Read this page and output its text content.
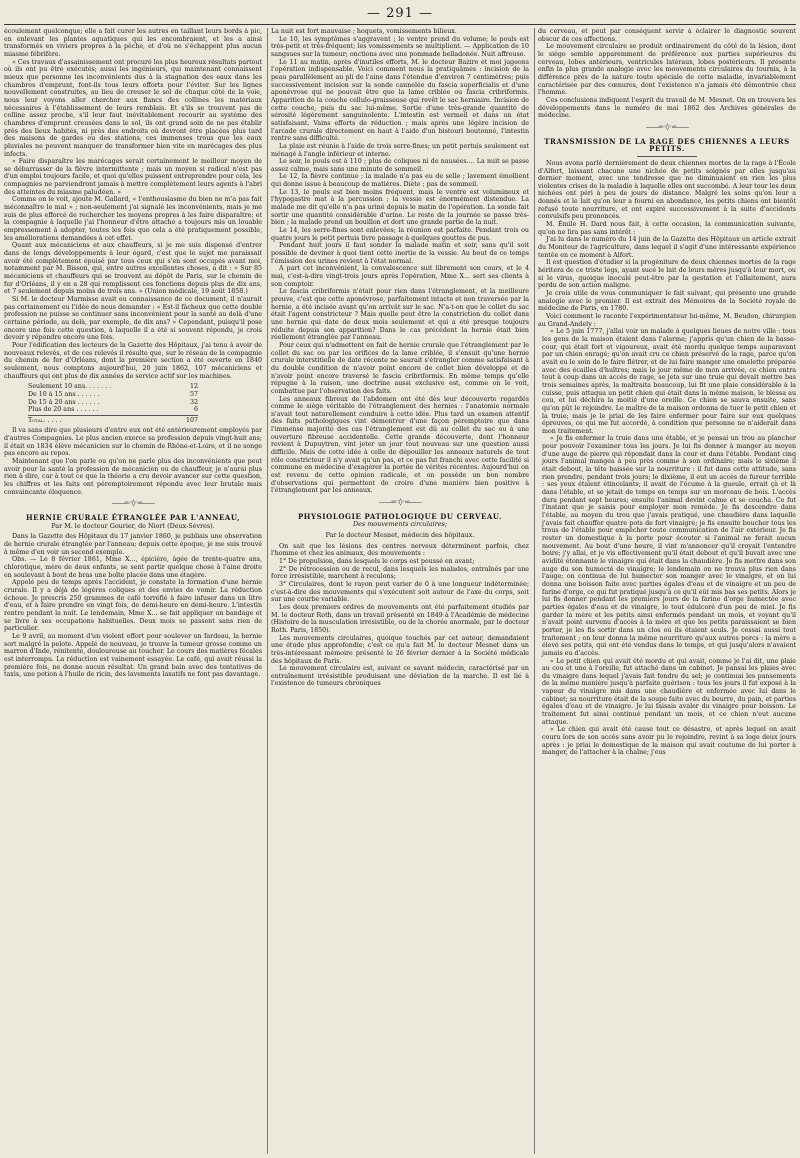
— 291 —

écoulement quelconque; elle a fait curer les autres en taillant leurs bords à pic, en enlevant les plantes aquatiques qui les encombraient, et les a ainsi transformés en viviers propres à la pêche, et d'où ne s'échappent plus aucun miasme fébrifère.

« Ces travaux d'assainissement ont procuré les plus heureux résultats partout où ils ont pu être exécutés; aussi les ingénieurs, qui maintenant connaissent mieux que personne les inconvénients dus à la stagnation des eaux dans les chambres d'emprunt, font-ils tous leurs efforts pour l'éviter. Sur les lignes nouvellement construites, au lieu de creuser le sol de chaque côté de la voie, nous leur voyons aller chercher aux flancs des collines les matériaux nécessaires à l'établissement de leurs remblais. Et s'ils se trouvent pas de colline assez proche, s'il leur faut inévitablement recourir au système des chambres d'emprunt creusées dans le sol, ils ont grand soin de ne pas établir près des lieux habités, ni près des endroits où devront être placées plus tard des maisons de gardes ou des stations, ces immenses trous que les eaux pluviales ne peuvent manquer de transformer bien vite en marécages des plus infects.

« Faire disparaître les marécages serait certainement le meilleur moyen de se débarrasser de la fièvre intermittente ; mais un moyen si radical n'est pas d'un emploi toujours facile, et quoi qu'elles puissent entreprendre pour cela, les compagnies ne parviendront jamais à mettre complètement leurs agents à l'abri des atteintes du miasme paludéen. »

Comme on le voit, ajoute M. Gallard, « l'enthousiasme du bien ne m'a pas fait méconnaître le mal » ; non-seulement j'ai signalé les inconvénients, mais je me suis de plus efforcé de rechercher les moyens propres à les faire disparaître; et la compagnie à laquelle j'ai l'honneur d'être attaché a toujours mis un louable empressement à adopter, toutes les fois que cela a été pratiquement possible, les améliorations demandées à cet effet.

Quant aux mécaniciens et aux chauffeurs, si je me suis dispensé d'entrer dans de longs développements à leur égard, c'est que le sujet me paraissait avoir été complètement épuisé par tous ceux qui s'en sont occupés avant moi, notamment par M. Bisson, qui, entre autres excellentes choses, a dit : « Sur 85 mécaniciens et chauffeurs qui se trouvent au dépôt de Paris, sur le chemin de fer d'Orléans, il y en a 28 qui remplissent ces fonctions depuis plus de dix ans, et 7 seulement depuis moins de trois ans. » (Union médicale, 19 août 1858.)

Si M. le docteur Marmisse avait eu connaissance de ce document, il n'aurait pas certainement eu l'idée de nous demander : « Est-il fâcheux que cette double profession ne puisse se continuer sans inconvénient pour la santé au delà d'une certaine période, au delà, par exemple, de dix ans? » Cependant, puisqu'il pose encore une fois cette question, à laquelle il a été si souvent répondu, je crois devoir y répondre encore une fois.

Pour l'édification des lecteurs de la Gazette des Hôpitaux, j'ai tenu à avoir de nouveaux relevés, et de ces relevés il résulte que, sur le réseau de la compagnie du chemin de fer d'Orléans, dont la première section a été ouverte en 1840 seulement, nous comptons aujourd'hui, 20 juin 1862, 107 mécaniciens et chauffeurs qui ont plus de dix années de service actif sur les machines.

Seulement 10 ans. . . . . . .	12
De 10 à 15 ans . . . . . .	57
De 15 à 20 ans . . . . . .	32
Plus de 20 ans . . . . . .	6
Total. . . . .	107

Il va sans dire que plusieurs d'entre eux ont été antérieurement employés par d'autres Compagnies. Le plus ancien exerce sa profession depuis vingt-huit ans; il était en 1834 élève mécanicien sur le chemin de Rhône-et-Loire, et il ne songe pas encore au repos.

Maintenant que l'on parle ou qu'on ne parle plus des inconvénients que peut avoir pour la santé la profession de mécanicien ou de chauffeur, je n'aurai plus rien à dire, car à tout ce que la théorie a cru devoir avancer sur cette question, les chiffres et les faits ont péremptoirement répondu avec leur brutale mais convaincante éloquence.

——∞◦◊◦∞——
HERNIE CRURALE ÉTRANGLÉE PAR L'ANNEAU,
Par M. le docteur Gourier, de Niort (Deux-Sèvres).

Dans la Gazette des Hôpitaux du 17 janvier 1860, je publiais une observation de hernie crurale étranglée par l'anneau; depuis cette époque, je me suis trouvé à même d'en voir un second exemple.

Obs. — Le 8 février 1861, Mme X..., épicière, âgée de trente-quatre ans, chlorotique, mère de deux enfants, se sent partir quelque chose à l'aine droite en soulevant à bout de bras une boîte placée dans une étagère.

Appelé peu de temps après l'accident, je constate la formation d'une hernie crurale. Il y a déjà de légères coliques et des envies de vomir. La réduction échoue. Je prescris 250 grammes de café torréfié à faire infuser dans un litre d'eau, et à faire prendre en vingt fois, de demi-heure en demi-heure. L'intestin rentre pendant la nuit. Le lendemain, Mme X... se fait appliquer un bandage et se livre à ses occupations habituelles. Deux mois se passent sans rien de particulier.

Le 9 avril, au moment d'un violent effort pour soulever un fardeau, la hernie sort malgré la pelote. Appelé de nouveau, je trouve la tumeur grosse comme un marron d'Inde, rénitente, douloureuse au toucher. Le cours des matières fécales est interrompu. La réduction est vainement essayée. Le café, qui avait réussi la première fois, ne donne aucun résultat. Un grand bain avec des tentatives de taxis, une potion à l'huile de ricin, des lavements laxatifs ne font pas davantage.

La nuit est fort mauvaise ; hoquets, vomissements bilieux.

Le 10, les symptômes s'aggravent ; le ventre prend du volume; le pouls est très-petit et très-fréquent; les vomissements se multiplient. — Application de 10 sangsues sur la tumeur; onctions avec une pommade belladonée. Nuit affreuse.

Le 11 au matin, après d'inutiles efforts, M. le docteur Bazire et moi jugeons l'opération indispensable. Voici comment nous la pratiquâmes : incision de la peau parallèlement au pli de l'aine dans l'étendue d'environ 7 centimètres; puis successivement incision sur la sonde cannelée du fascia superficialis et d'une aponévrose qui ne pouvait être que la lame criblée ou fascia cribriformis. Apparition de la couche cellulo-graisseuse qui revêt le sac herniaire. Incision de cette couche, puis du sac lui-même. Sortie d'une très-grande quantité de sérosité légèrement sanguinolente. L'intestin est vermeil et dans un état satisfaisant. Vains efforts de réduction ; mais après une légère incision de l'arcade crurale directement en haut à l'aide d'un bistouri boutonné, l'intestin rentre sans difficulté.

La plaie est réunie à l'aide de trois serre-fines; un petit pertuis seulement est ménagé à l'angle inférieur et interne.

Le soir, le pouls est à 110 ; plus de coliques ni de nausées.... La nuit se passe assez calme, mais sans une minute de sommeil.

Le 12, la fièvre continue ; la malade n'a pas eu de selle ; lavement émollient qui donne issue à beaucoup de matières. Diète ; pas de sommeil.

Le 13, le pouls est bien moins fréquent, mais le ventre est volumineux et l'hypogastre mat à la percussion ; la vessie est énormément distendue. La malade me dit qu'elle n'a pas uriné depuis le matin de l'opération. La sonde fait sortir une quantité considérable d'urine. Le reste de la journée se passe très-bien ; la malade prend un bouillon et dort une grande partie de la nuit.

Le 14, les serre-fines sont enlevées; la réunion est parfaite. Pendant trois ou quatre jours le petit pertuis livre passage à quelques gouttes de pus.

Pendant huit jours il faut sonder la malade matin et soir, sans qu'il soit possible de deviner à quoi tient cette inertie de la vessie. Au bout de ce temps l'émission des urines revient à l'état normal.

A part cet inconvénient, la convalescence suit librement son cours, et le 4 mai, c'est-à-dire vingt-trois jours après l'opération, Mme X... sert ses clients à son comptoir.

Le fascia cribriformis n'était pour rien dans l'étranglement, et la meilleure preuve, c'est que cette aponévrose, parfaitement intacte et non traversée par la hernie, a été incisée avant qu'on arrivât sur le sac. N'a-t-on que le collet du sac était l'agent constricteur ? Mais quelle peut être la constriction du collet dans une hernie qui date de deux mois seulement et qui a été presque toujours réduite depuis son apparition? Dans le cas précédent la hernie était bien réellement étranglée par l'anneau.

Pour ceux qui n'admettent en fait de hernie crurale que l'étranglement par le collet du sac ou par les orifices de la lame criblée, il s'ensuit qu'une hernie crurale interstitielle de date récente ne saurait s'étrangler comme satisfaisant à du double condition de n'avoir point encore de collet bien développé et de n'avoir point encore traversé le fascia cribriformis. En même temps qu'elle répugne à la raison, une doctrine aussi exclusive est, comme on le voit, combattue par l'observation des faits.

Les anneaux fibreux de l'abdomen ont été dès leur découverte regardés comme le siège véritable de l'étranglement des hernies : l'anatomie normale n'avait tout naturellement conduire à cette idée. Plus tard un examen attentif des faits pathologiques vint démontrer d'une façon péremptoire que dans l'immense majorité des cas l'étranglement est dû au collet du sac ou à une ouverture fibreuse accidentelle. Cette grande découverte, dont l'honneur revient à Dupuytren, vint jeter un jour tout nouveau sur une question aussi difficile. Mais de cette idée à celle de dépouiller les anneaux naturels de tout rôle constricteur il n'y avait qu'un pas, et ce pas fut franchi avec cette facilité si commune en médecine d'exagérer la portée de vérités récentes. Aujourd'hui on est revenu de cette opinion radicale, et on possède un bon nombre d'observations qui permettent de croire d'une manière bien positive à l'étranglement par les anneaux.

——∞◦◊◦∞——
PHYSIOLOGIE PATHOLOGIQUE DU CERVEAU.
Des mouvements circulaires;
Par le docteur Mesnet, médecin des hôpitaux.

On sait que les lésions des centres nerveux déterminent parfois, chez l'homme et chez les animaux, des mouvements :

1° De propulsion, dans lesquels le corps est poussé en avant;

2° De rétrocession ou de recul, dans lesquels les malades, entraînés par une force irrésistible, marchent à reculons;

3° Circulaires, dont le rayon peut varier de 0 à une longueur indéterminée; c'est-à-dire des mouvements qui s'exécutent soit autour de l'axe du corps, soit sur une courbe variable.

Les deux premiers ordres de mouvements ont été parfaitement étudiés par M. le docteur Roth, dans un travail présenté en 1849 à l'Académie de médecine (Histoire de la musculation irrésistible, ou de la chorée anormale, par le docteur Roth. Paris, 1850).

Les mouvements circulaires, quoique touchés par cet auteur, demandaient une étude plus approfondie; c'est ce qu'a fait M. le docteur Mesnet dans un très-intéressant mémoire présenté le 26 février dernier à la Société médicale des hôpitaux de Paris.

Le mouvement circulaire est, suivant ce savant médecin, caractérisé par un entraînement irrésistible produisant une déviation de la marche. Il est lié à l'existence de tumeurs chroniques

du cerveau, et peut par conséquent servir à éclairer le diagnostic souvent obscur de ces affections.

Le mouvement circulaire se produit ordinairement du côté de la lésion, dont le siége semble apparemment de préférence aux parties supérieures du cerveau, lobes antérieurs, ventricules latéraux, lobes postérieurs. Il présente enfin la plus grande analogie avec les mouvements circulaires du tournis, à la différence près de la nature toute spéciale de cette maladie, invariablement caractérisée par des cœnures, dont l'existence n'a jamais été démontrée chez l'homme.

Ces conclusions indiquent l'esprit du travail de M. Mesnet. On en trouvera les développements dans le numéro de mai 1862 des Archives générales de médecine.

——∞◦◊◦∞——
TRANSMISSION DE LA RAGE DES CHIENNES A LEURS PETITS.

Nous avons parlé dernièrement de deux chiennes mortes de la rage à l'École d'Alfort, laissant chacune une nichée de petits soignés par elles jusqu'au dernier moment, avec une tendresse que ne diminuaient en rien les plus violentes crises de la maladie à laquelle elles ont succombé. A leur tour les deux nichées ont péri à peu de jours de distance. Malgré les soins qu'on leur a donnés et le lait qu'on leur a fourni en abondance, les petits chiens ont bientôt refusé toute nourriture, et ont expiré successivement à la suite d'accidents convulsifs peu prononcés.

M. Émile H. Dard nous fait, à cette occasion, la communication suivante, qu'on ne lira pas sans intérêt :

J'ai lu dans le numéro du 14 juin de la Gazette des Hôpitaux un article extrait du Moniteur de l'agriculture, dans lequel il s'agit d'une intéressante expérience tentée en ce moment à Alfort.

Il est question d'étudier si la progéniture de deux chiennes mortes de la rage héritera de ce triste legs, ayant sucé le lait de leurs mères jusqu'à leur mort, ou si le virus, quoique inoculé peut-être par la gestation et l'allaitement, aura perdu de son action maligne.

Je crois utile de vous communiquer le fait suivant, qui présente une grande analogie avec le premier. Il est extrait des Mémoires de la Société royale de médecine de Paris, en 1780.

Voici comment le raconte l'expérimentateur lui-même, M. Beudon, chirurgien au Grand-Andely :

« Le 5 juin 1777, j'allai voir un malade à quelques lieues de notre ville : tous les gens de la maison étaient dans l'alarme; j'appris qu'un chien de la basse-cour, qui était fort et vigoureux, avait été mordu quelque temps auparavant par un chien enragé; qu'on avait cru ce chien préservé de la rage, parce qu'on avait eu le soin de le faire flétrer, et de lui faire manger une omelette préparée avec des écailles d'huîtres; mais le jour même de mon arrivée, ce chien entra tout à coup dans un accès de rage, se jeta sur une truie qui devait mettre bas trois semaines après, la maltraita beaucoup, lui fit une plaie considérable à la cuisse, puis attaqua un petit chien qui était dans la même maison, le blessa au cou, et lui déchira la moitié d'une oreille. Ce chien se sauva ensuite, sans qu'on pût le rejoindre. Le maître de la maison ordonna de tuer le petit chien et la truie; mais je le priai de les faire enfermer pour faire sur eux quelques épreuves, ce qui me fut accordé, à condition que personne ne n'aiderait dans mon traitement.

« Je fis enfermer la truie dans une étable, et je pensai un trou au plancher pour pouvoir l'examiner tous les jours. Je lui fis donner à manger au moyen d'une auge de pierre qui répondait dans la cour et dans l'étable. Pendant cinq jours l'animal mangea à peu près comme à son ordinaire; mais le sixième il était debout, la tête baissée sur la nourriture : il fut dans cette attitude, sans rien prendre, pendant trois jours; le dixième, il eut un accès de fureur terrible : ses yeux étaient étincelants; il avait de l'écume à la gueule, errait çà et là dans l'étable, et se jetait de temps en temps sur un morceau de bois. L'accès dura pendant sept heures; ensuite l'animal devint calme et se coucha. Ce fut l'instant que je saisis pour employer mon remède. Je fis descendre dans l'étable, au moyen du trou que j'avais pratiqué, une chaudière dans laquelle j'avais fait chauffer quatre pots de fort vinaigre; je fis ensuite boucher tous les trous de l'étable pour empêcher toute communication de l'air extérieur. Je fis rester un domestique à la porte pour écouter si l'animal ne ferait aucun mouvement. Au bout d'une heure, il vint m'annoncer qu'il croyait l'entendre boire; j'y allai, et je vis effectivement qu'il était debout et qu'il buvait avec une avidité étonnante le vinaigre qui était dans la chaudière. Je fis mettre dans son auge du son humecté de vinaigre; le lendemain on ne trouva plus rien dans l'auge; on continua de lui humecter son manger avec le vinaigre, et on lui donna une boisson faite avec parties égales d'eau et de vinaigre et un peu de farine d'orge, ce qui fut pratiqué jusqu'à ce qu'il eût mis bas ses petits. Alors je lui fis donner pendant les premiers jours de la farine d'orge humectée avec parties égales d'eau et de vinaigre, le tout édulcoré d'un peu de miel. Je fis garder la mère et les petits ainsi enfermés pendant un mois, et voyant qu'il n'avait point survenu d'accès à la mère et que les petits paraissaient se bien porter, je les fis sortir dans un clos où ils étaient seuls. Je cessai aussi tout traitement ; on leur donna la même nourriture qu'aux autres porcs : la mère a élevé ses petits, qui ont été vendus dans le temps, et qui jusqu'alors n'avaient jamais eu d'accès.

« Le petit chien qui avait été mordu et qui avait, comme je l'ai dit, une plaie au cou et une à l'oreille, fut attaché dans un cabinet. Je pansai les plaies avec du vinaigre dans lequel j'avais fait fondre du sel; je continuai les pansements de la même manière jusqu'à parfaite guérison : tous les jours il fut exposé à la vapeur du vinaigre mis dans une chaudière et enfermée avec lui dans le cabinet; sa nourriture était de la soupe faite avec du beurre, du pain, et parties égales d'eau et de vinaigre. Je lui faisais avaler du vinaigre pour boisson. Le traitement fut ainsi continué pendant un mois, et ce chien n'eut aucune attaque.

« Le chien qui avait été cause tout ce désastre, et après lequel on avait couru lors de son accès sans avoir pu le rejoindre, revint à sa loge deux jours après : je priai le domestique de la maison qui avait coutume de lui porter à manger, de l'attacher à la chaîne; j'eus
